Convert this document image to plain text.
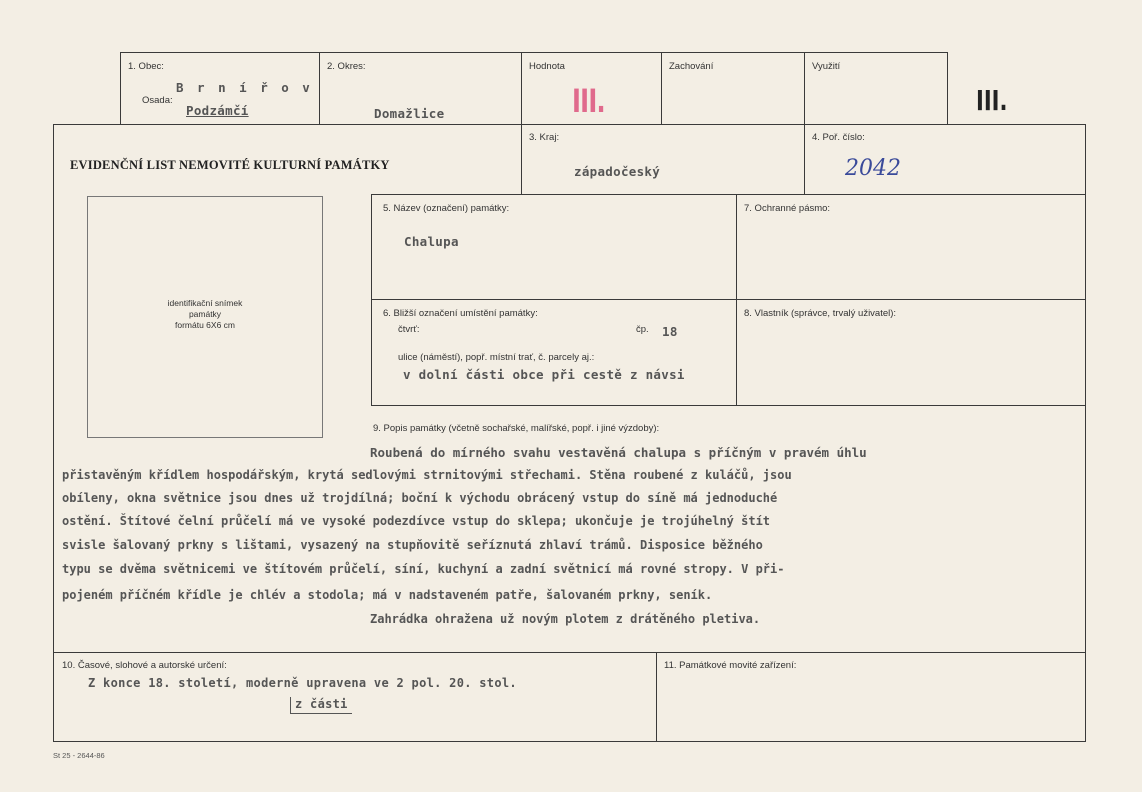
1. Obec:
B r n í ř o v
Osada:
Podzámčí
2. Okres:
Domažlice
Hodnota
III.
Zachování	Využití
III.
EVIDENČNÍ LIST NEMOVITÉ KULTURNÍ PAMÁTKY
3. Kraj:
západočeský
4. Poř. číslo:
2042
identifikační snímek
památky
formátu 6X6 cm
5. Název (označení) památky:
Chalupa
7. Ochranné pásmo:
6. Bližší označení umístění památky:
čtvrť:	čp. 18
ulice (náměstí), popř. místní trať, č. parcely aj.:
v dolní části obce při cestě z návsi
8. Vlastník (správce, trvalý uživatel):
9. Popis památky (včetně sochařské, malířské, popř. i jiné výzdoby):
Roubená do mírného svahu vestavěná chalupa s příčným v pravém úhlu
přistavěným křídlem hospodářským, krytá sedlovými strnitovými střechami. Stěna roubené z kuláčů, jsou
obíleny, okna světnice jsou dnes už trojdílná; boční k východu obrácený vstup do síně má jednoduché
ostění. Štítové čelní průčelí má ve vysoké podezdívce vstup do sklepa; ukončuje je trojúhelný štít
svisle šalovaný prkny s lištami, vysazený na stupňovitě seříznutá zhlaví trámů. Disposice běžného
typu se dvěma světnicemi ve štítovém průčelí, síní, kuchyní a zadní světnicí má rovné stropy. V při-
pojeném příčném křídle je chlév a stodola; má v nadstaveném patře, šalovaném prkny, seník.
Zahrádka ohražena už novým plotem z drátěného pletiva.
10. Časové, slohové a autorské určení:
Z konce 18. století, moderně upravena ve 2 pol. 20. stol.
z části
11. Památkové movité zařízení:
St 25 - 2644-86
